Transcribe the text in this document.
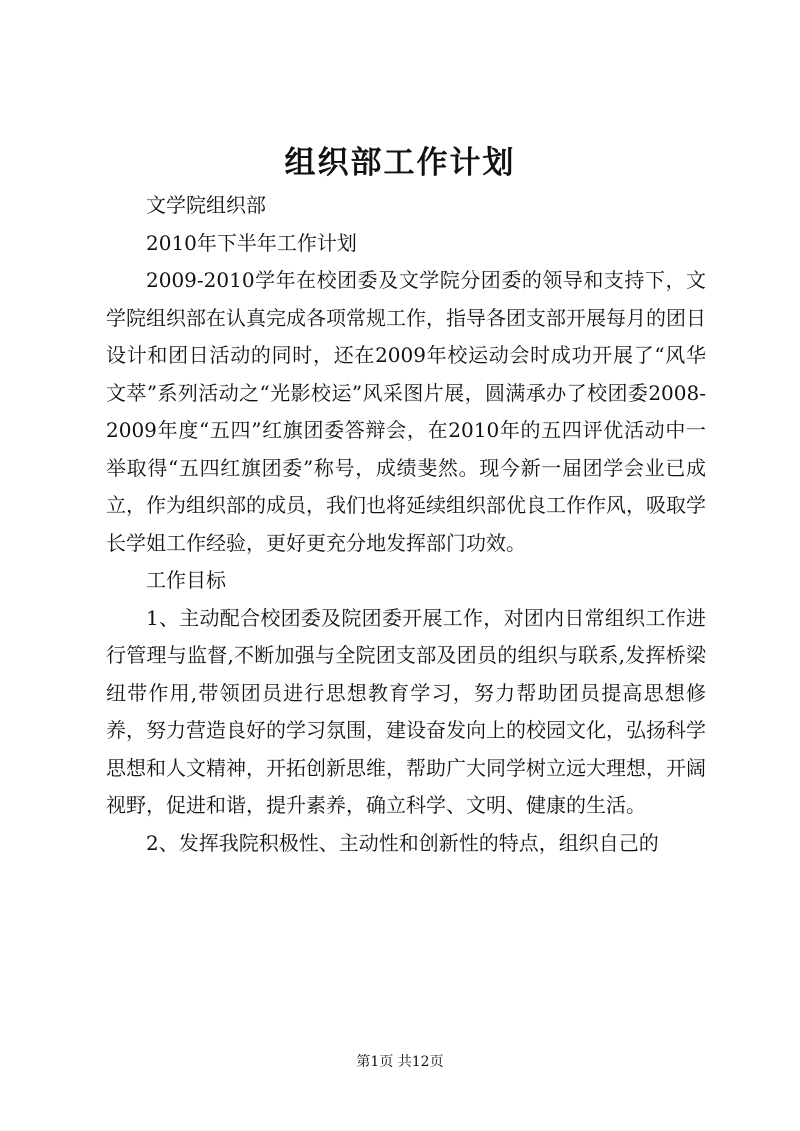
组织部工作计划

文学院组织部

2010年下半年工作计划

2009-2010学年在校团委及文学院分团委的领导和支持下，文学院组织部在认真完成各项常规工作，指导各团支部开展每月的团日设计和团日活动的同时，还在2009年校运动会时成功开展了“风华文萃”系列活动之“光影校运”风采图片展，圆满承办了校团委2008-2009年度“五四”红旗团委答辩会，在2010年的五四评优活动中一举取得“五四红旗团委”称号，成绩斐然。现今新一届团学会业已成立，作为组织部的成员，我们也将延续组织部优良工作作风，吸取学长学姐工作经验，更好更充分地发挥部门功效。

工作目标

1、主动配合校团委及院团委开展工作，对团内日常组织工作进行管理与监督,不断加强与全院团支部及团员的组织与联系,发挥桥梁纽带作用,带领团员进行思想教育学习，努力帮助团员提高思想修养，努力营造良好的学习氛围，建设奋发向上的校园文化，弘扬科学思想和人文精神，开拓创新思维，帮助广大同学树立远大理想，开阔视野，促进和谐，提升素养，确立科学、文明、健康的生活。

2、发挥我院积极性、主动性和创新性的特点，组织自己的

第1页 共12页
